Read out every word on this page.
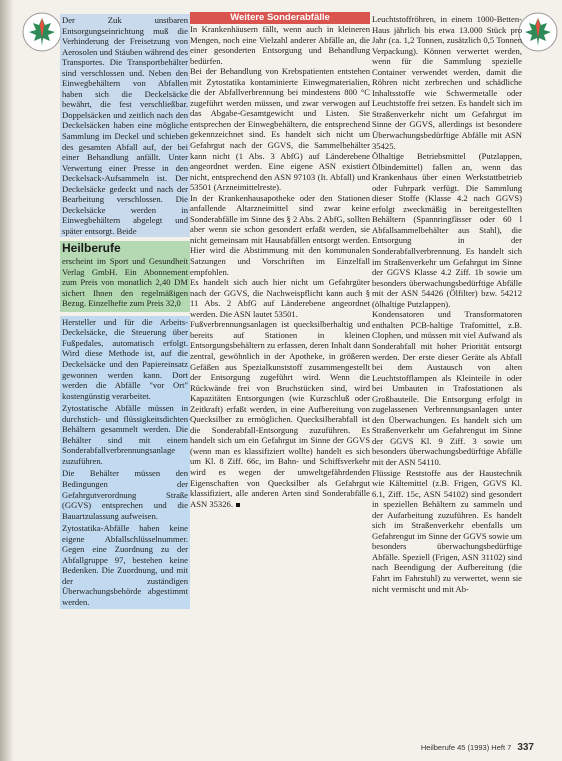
Weitere Sonderabfälle

Der Zuk unstbaren Entsorgungseinrichtung muß die Verhinderung der Freisetzung von Aerosolen und Stäuben während des Transportes. Die Transportbehälter sind verschlossen und. Neben den Einwegbehältern von Abfallen haben sich die Deckelsäcke bewährt, die fest verschließbar. Doppelsäcken und zeitlich nach den Deckelsäcken haben eine mögliche Sammlung im Deckel und schieben des gesamten Abfall auf, der bei einer Behandlung anfällt. Unter Verwertung einer Presse in den Deckelsack-Aufsammeln ist. Der Deckelsäcke gedeckt und nach der Bearbeitung verschlossen. Die Deckelsäcke werden in Einwegbehältern abgelegt und später entsorgt. Beide

Heilberufe
erscheint im Sport und Gesundheit Verlag GmbH. Ein Abonnement zum Preis von monatlich 2,40 DM sichert Ihnen den regelmäßigen Bezug. Einzelhefte zum Preis 32,0

Hersteller und für die Arbeits-Deckelsäcke, die Steuerung über Fußpedales, automatisch erfolgt. Wird diese Methode ist, auf die Deckelsäcke und den Papiereinsatz gewonnen werden kann. Dort werden die Abfälle "vor Ort" kostengünstig verarbeitet.

Zytostatische Abfälle müssen in durchstich- und flüssigkeitsdichten Behältern gesammelt werden. Die Behälter sind mit einem Sonderabfallverbrennungsanlage zuzuführen.

Die Behälter müssen den Bedingungen der Gefahrgutverordnung Straße (GGVS) entsprechen und die Bauartzulassung aufweisen.

Zytostatika-Abfälle haben keine eigene Abfallschlüsselnummer. Gegen eine Zuordnung zu der Abfallgruppe 97, bestehen keine Bedenken. Die Zuordnung, und mit der zuständigen Überwachungsbehörde abgestimmt werden.

In Krankenhäusern fällt, wenn auch in kleineren Mengen, noch eine Vielzahl anderer Abfälle an, die einer gesonderten Entsorgung und Behandlung bedürfen.

Bei der Behandlung von Krebspatienten entstehen mit Zytostatika kontaminierte Einwegmaterialien, die der Abfallverbrennung bei mindestens 800 °C zugeführt werden müssen, und zwar verwogen auf das Abgabe-Gesamtgewicht und Listen. Sie entsprechen der Einwegbehältern, die entsprechend gekennzeichnet sind. Es handelt sich nicht um Gefahrgut nach der GGVS, die Sammelbehälter kann nicht (1 Abs. 3 AbfG) auf Länderebene angeordnet werden. Eine eigene ASN existiert nicht, entsprechend den ASN 97103 (It. Abfall) und 53501 (Arzneimittelreste).

In der Krankenhausapotheke oder den Stationen anfallende Altarzneimittel sind zwar keine Sonderabfälle im Sinne des § 2 Abs. 2 AbfG, sollten aber wenn sie schon gesondert erfaßt werden, sie nicht gemeinsam mit Hausabfällen entsorgt werden. Hier wird die Abstimmung mit den kommunalen Satzungen und Vorschriften im Einzelfall empfohlen.

Es handelt sich auch hier nicht um Gefahrgüter nach der GGVS, die Nachweispflicht kann auch § 11 Abs. 2 AbfG auf Länderebene angeordnet werden. Die ASN lautet 53501.

Fußverbrennungsanlagen ist quecksilberhaltig und bereits auf Stationen in kleinen Entsorgungsbehältern zu erfassen, deren Inhalt dann zentral, gewöhnlich in der Apotheke, in größeren Gefäßen aus Spezialkunststoff zusammengestellt der Entsorgung zugeführt wird. Wenn die Rückwände frei von Bruchstücken sind, wird Kapazitäten Entsorgungen (wie Kurzschluß oder Zeitkraft) erfaßt werden, in eine Aufbereitung von Quecksilber zu ermöglichen. Quecksilberabfall ist die Sonderabfall-Entsorgung zuzuführen. Es handelt sich um ein Gefahrgut im Sinne der GGVS (wenn man es klassifiziert wollte) handelt es sich um Kl. 8 Ziff. 66c, im Bahn- und Schiffsverkehr wird es wegen der umweltgefährdenden Eigenschaften von Quecksilber als Gefahrgut klassifiziert, alle anderen Arten sind Sonderabfälle ASN 35326.

Leuchtstoffröhren, in einem 1000-Betten-Haus jährlich bis etwa 13.000 Stück pro Jahr (ca. 1,2 Tonnen, zusätzlich 0,5 Tonnen Verpackung). Können verwertet werden, wenn für die Sammlung spezielle Container verwendet werden, damit die Röhren nicht zerbrechen und schädliche Inhaltsstoffe wie Schwermetalle oder Leuchtstoffe frei setzen. Es handelt sich im Straßenverkehr nicht um Gefahrgut im Sinne der GGVS, allerdings ist besondere Überwachungsbedürftige Abfälle mit ASN 35425.

Ölhaltige Betriebsmittel (Putzlappen, Ölbindemittel) fallen an, wenn das Krankenhaus über einen Werkstattbetrieb oder Fuhrpark verfügt. Die Sammlung dieser Stoffe (Klasse 4.2 nach GGVS) erfolgt zweckmäßig in bereitgestellten Behältern (Spannringfässer oder 60 l Abfallsammelbehälter aus Stahl), die Entsorgung in der Sonderabfallverbrennung. Es handelt sich im Straßenverkehr um Gefahrgut im Sinne der GGVS Klasse 4.2 Ziff. 1b sowie um besonders überwachungsbedürftige Abfälle mit der ASN 54426 (Ölfilter) bzw. 54212 (ölhaltige Putzlappen).

Kondensatoren und Transformatoren enthalten PCB-haltige Trafomittel, z.B. Clophen, und müssen mit viel Aufwand als Sonderabfall mit hoher Priorität entsorgt werden. Der erste dieser Geräte als Abfall bei dem Austausch von alten Leuchtstofflampen als Kleinteile in oder bei Umbauten in Trafostationen als Großbauteile. Die Entsorgung erfolgt in zugelassenen Verbrennungsanlagen unter den Überwachungen. Es handelt sich um Straßenverkehr um Gefahrengut im Sinne der GGVS Kl. 9 Ziff. 3 sowie um besonders überwachungsbedürftige Abfälle mit der ASN 54110.

Flüssige Reststoffe aus der Haustechnik wie Kältemittel (z.B. Frigen, GGVS Kl. 6.1, Ziff. 15c, ASN 54102) sind gesondert in speziellen Behältern zu sammeln und der Aufarbeitung zuzuführen. Es handelt sich im Straßenverkehr ebenfalls um Gefahrengut im Sinne der GGVS sowie um besonders überwachungsbedürftige Abfälle. Speziell (Frigen, ASN 31102) sind nach Beendigung der Aufbereitung (die Fahrt im Fahrstuhl) zu verwertet, wenn sie nicht vermischt und mit Ab-

Heilberufe 45 (1993) Heft 7 337
